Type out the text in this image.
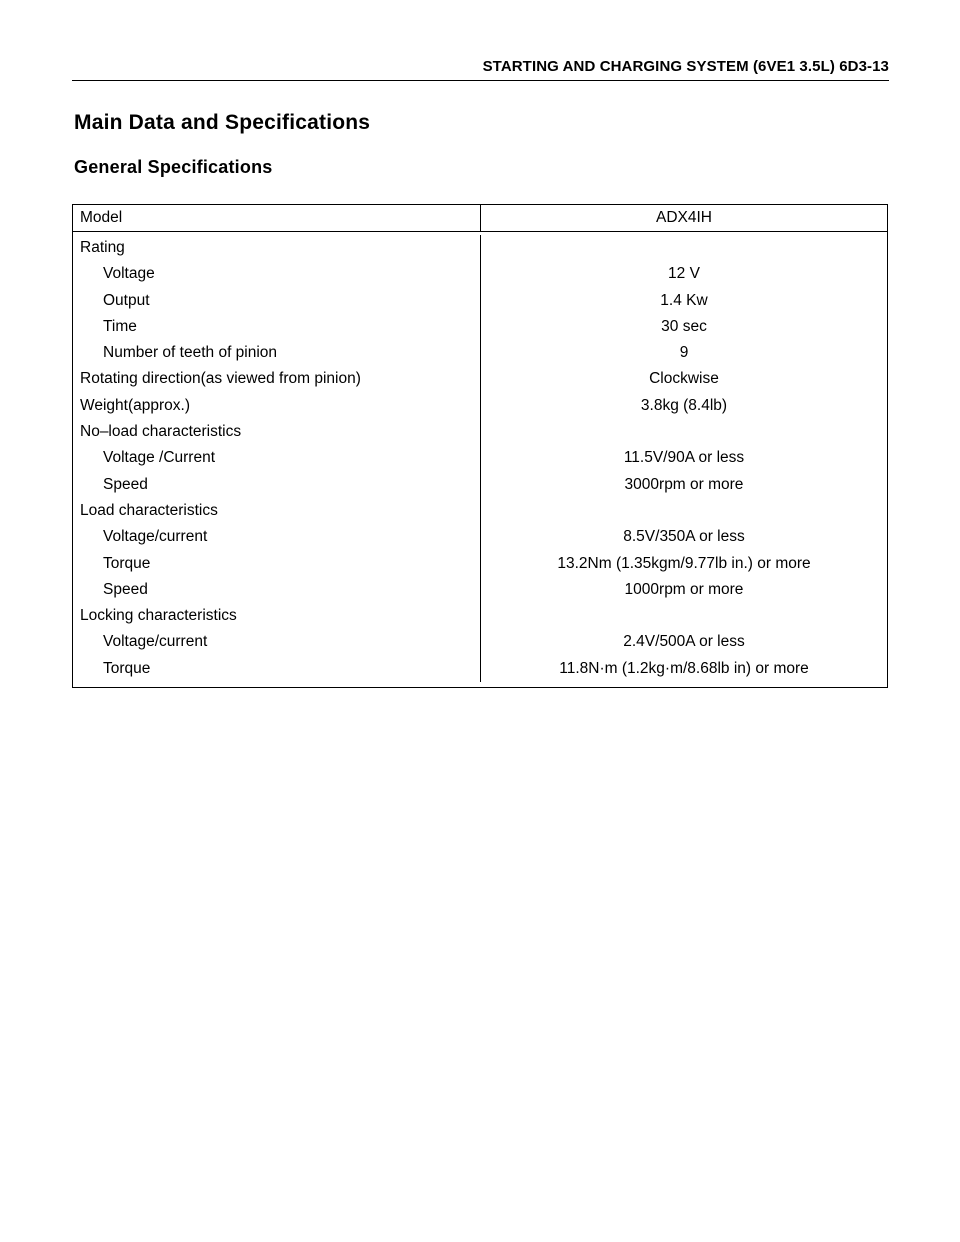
STARTING AND CHARGING SYSTEM (6VE1 3.5L) 6D3-13
Main Data and Specifications
General Specifications
Model	ADX4IH
Rating
Voltage
Output
Time
Number of teeth of pinion
Rotating direction(as viewed from pinion)
Weight(approx.)
No–load characteristics
Voltage /Current
Speed
Load characteristics
Voltage/current
Torque
Speed
Locking characteristics
Voltage/current
Torque
12 V
1.4 Kw
30 sec
9
Clockwise
3.8kg (8.4lb)
11.5V/90A or less
3000rpm or more
8.5V/350A or less
13.2Nm (1.35kgm/9.77lb in.) or more
1000rpm or more
2.4V/500A or less
11.8N·m (1.2kg·m/8.68lb in) or more
